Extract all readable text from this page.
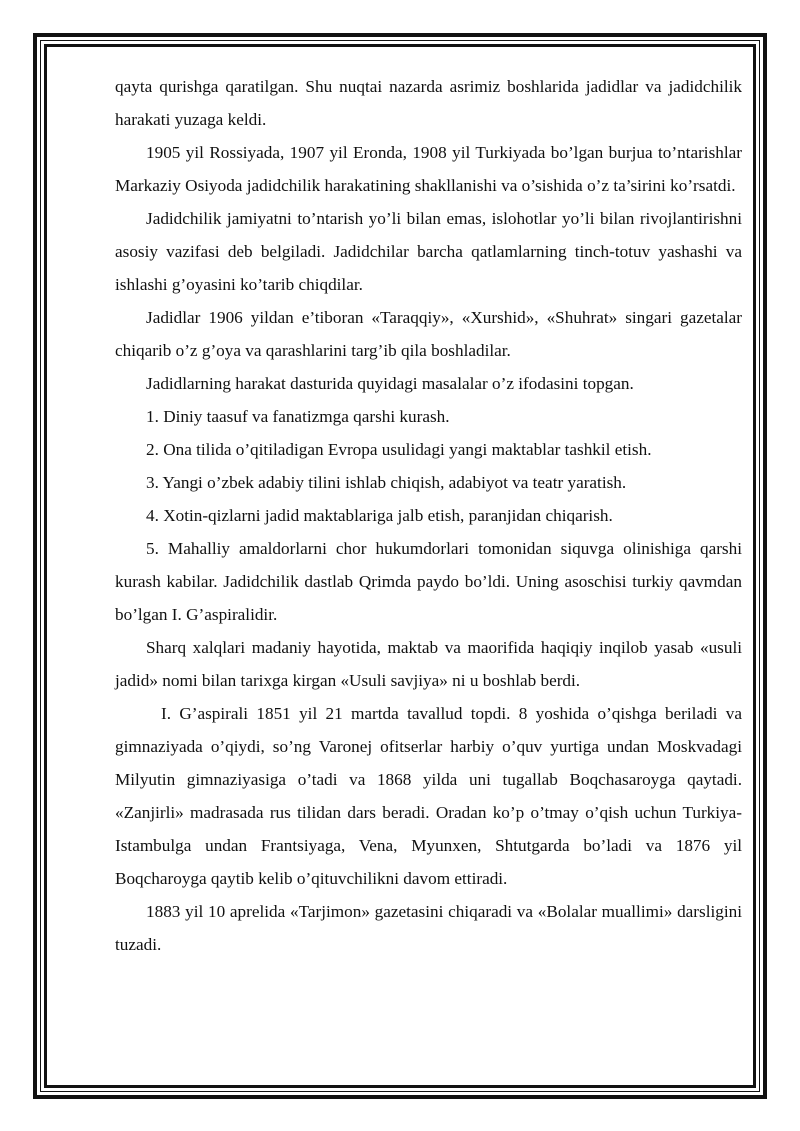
qayta qurishga qaratilgan. Shu nuqtai nazarda asrimiz boshlarida jadidlar va jadidchilik harakati yuzaga keldi.

1905 yil Rossiyada, 1907 yil Eronda, 1908 yil Turkiyada bo’lgan burjua to’ntarishlar Markaziy Osiyoda jadidchilik harakatining shakllanishi va o’sishida o’z ta’sirini ko’rsatdi.

Jadidchilik jamiyatni to’ntarish yo’li bilan emas, islohotlar yo’li bilan rivojlantirishni asosiy vazifasi deb belgiladi. Jadidchilar barcha qatlamlarning tinch-totuv yashashi va ishlashi g’oyasini ko’tarib chiqdilar.

Jadidlar 1906 yildan e’tiboran «Taraqqiy», «Xurshid», «Shuhrat» singari gazetalar chiqarib o’z g’oya va qarashlarini targ’ib qila boshladilar.

Jadidlarning harakat dasturida quyidagi masalalar o’z ifodasini topgan.

1. Diniy taasuf va fanatizmga qarshi kurash.

2. Ona tilida o’qitiladigan Evropa usulidagi yangi maktablar tashkil etish.

3. Yangi o’zbek adabiy tilini ishlab chiqish, adabiyot va teatr yaratish.

4. Xotin-qizlarni jadid maktablariga jalb etish, paranjidan chiqarish.

5. Mahalliy amaldorlarni chor hukumdorlari tomonidan siquvga olinishiga qarshi kurash kabilar. Jadidchilik dastlab Qrimda paydo bo’ldi. Uning asoschisi turkiy qavmdan bo’lgan I. G’aspiralidir.

Sharq xalqlari madaniy hayotida, maktab va maorifida haqiqiy inqilob yasab «usuli jadid» nomi bilan tarixga kirgan «Usuli savjiya» ni u boshlab berdi.

I. G’aspirali 1851 yil 21 martda tavallud topdi. 8 yoshida o’qishga beriladi va gimnaziyada o’qiydi, so’ng Varonej ofitserlar harbiy o’quv yurtiga undan Moskvadagi Milyutin gimnaziyasiga o’tadi va 1868 yilda uni tugallab Boqchasaroyga qaytadi. «Zanjirli» madrasada rus tilidan dars beradi. Oradan ko’p o’tmay o’qish uchun Turkiya-Istambulga undan Frantsiyaga, Vena, Myunxen, Shtutgarda bo’ladi va 1876 yil Boqcharoyga qaytib kelib o’qituvchilikni davom ettiradi.

1883 yil 10 aprelida «Tarjimon» gazetasini chiqaradi va «Bolalar muallimi» darsligini tuzadi.
